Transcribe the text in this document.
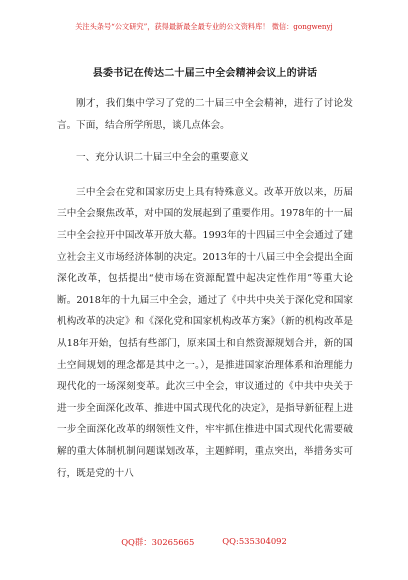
关注头条号“公文研究”，获得最新最全最专业的公文资料库！ 微信：gongwenyj
县委书记在传达二十届三中全会精神会议上的讲话

刚才，我们集中学习了党的二十届三中全会精神，进行了讨论发言。下面，结合所学所思，谈几点体会。

一、充分认识二十届三中全会的重要意义

三中全会在党和国家历史上具有特殊意义。改革开放以来，历届三中全会聚焦改革，对中国的发展起到了重要作用。1978年的十一届三中全会拉开中国改革开放大幕。1993年的十四届三中全会通过了建立社会主义市场经济体制的决定。2013年的十八届三中全会提出全面深化改革，包括提出“使市场在资源配置中起决定性作用”等重大论断。2018年的十九届三中全会，通过了《中共中央关于深化党和国家机构改革的决定》和《深化党和国家机构改革方案》（新的机构改革是从18年开始，包括有些部门，原来国土和自然资源规划合并，新的国土空间规划的理念都是其中之一。），是推进国家治理体系和治理能力现代化的一场深刻变革。此次三中全会，审议通过的《中共中央关于进一步全面深化改革、推进中国式现代化的决定》，是指导新征程上进一步全面深化改革的纲领性文件，牢牢抓住推进中国式现代化需要破解的重大体制机制问题谋划改革，主题鲜明，重点突出，举措务实可行，既是党的十八

QQ群：30265665	QQ:535304092
